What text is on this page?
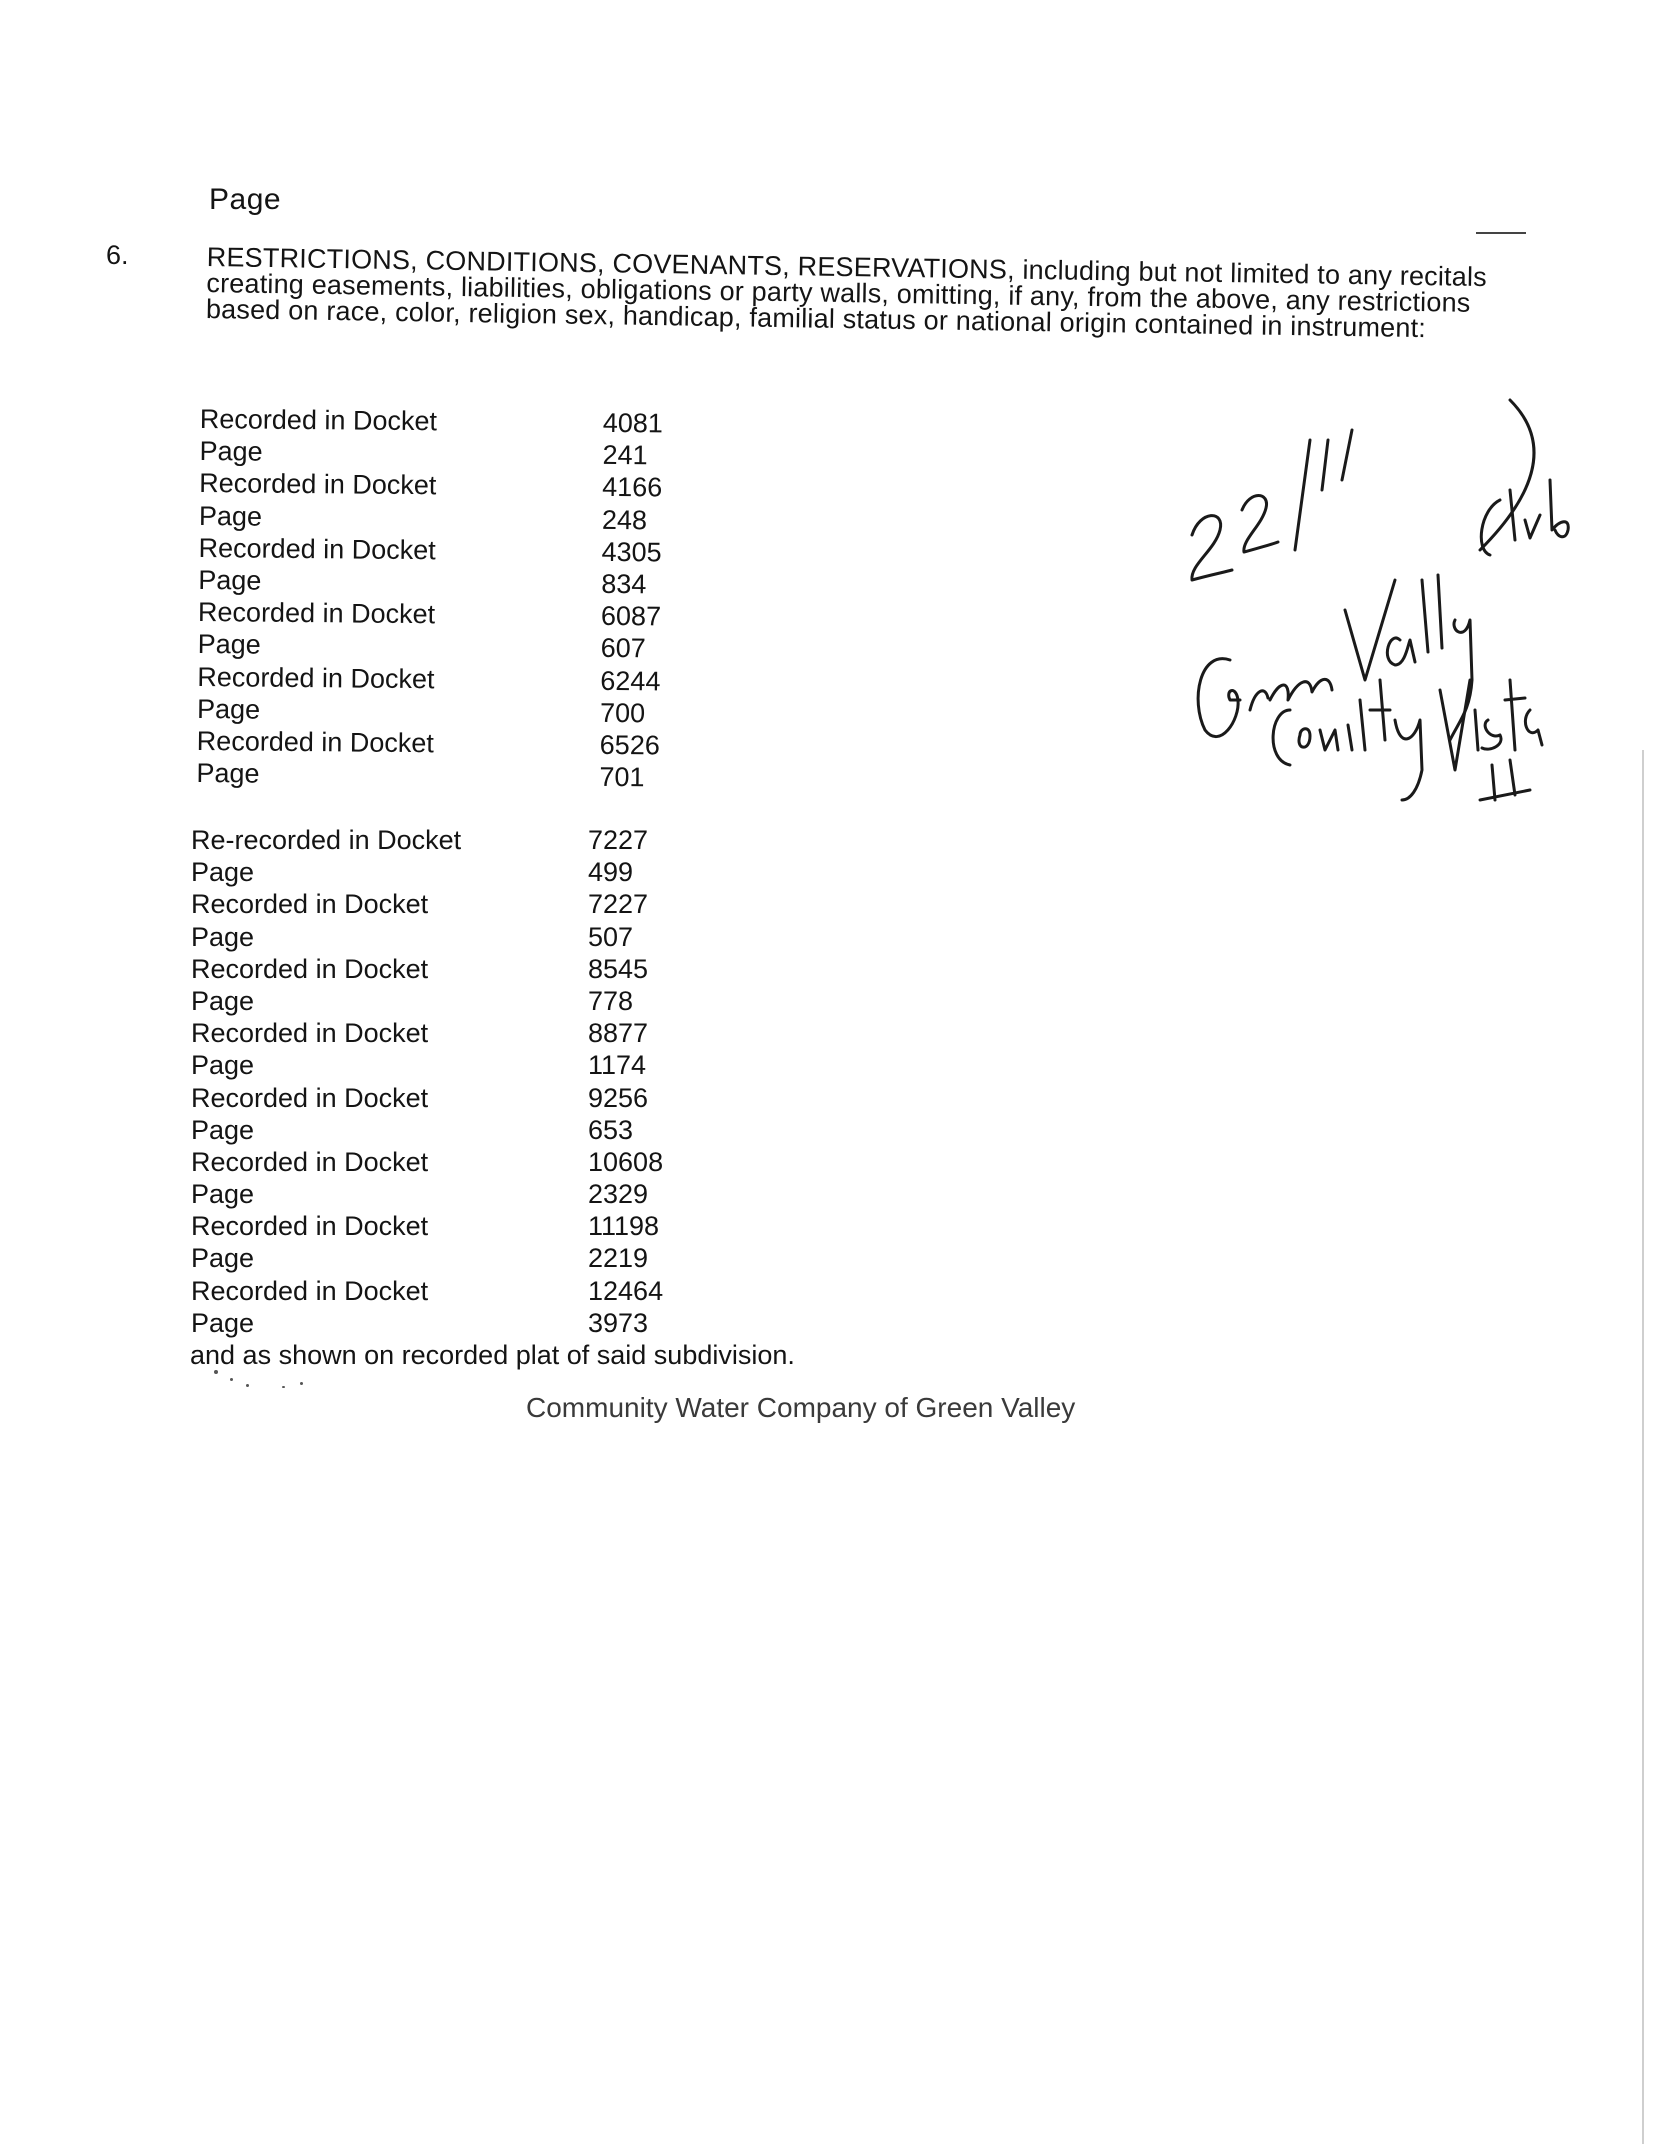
Page
6.	RESTRICTIONS, CONDITIONS, COVENANTS, RESERVATIONS, including but not limited to any recitals creating easements, liabilities, obligations or party walls, omitting, if any, from the above, any restrictions based on race, color, religion sex, handicap, familial status or national origin contained in instrument:
Recorded in Docket	4081
Page	241
Recorded in Docket	4166
Page	248
Recorded in Docket	4305
Page	834
Recorded in Docket	6087
Page	607
Recorded in Docket	6244
Page	700
Recorded in Docket	6526
Page	701
Re-recorded in Docket	7227
Page	499
Recorded in Docket	7227
Page	507
Recorded in Docket	8545
Page	778
Recorded in Docket	8877
Page	1174
Recorded in Docket	9256
Page	653
Recorded in Docket	10608
Page	2329
Recorded in Docket	11198
Page	2219
Recorded in Docket	12464
Page	3973
and as shown on recorded plat of said subdivision.
Community Water Company of Green Valley
